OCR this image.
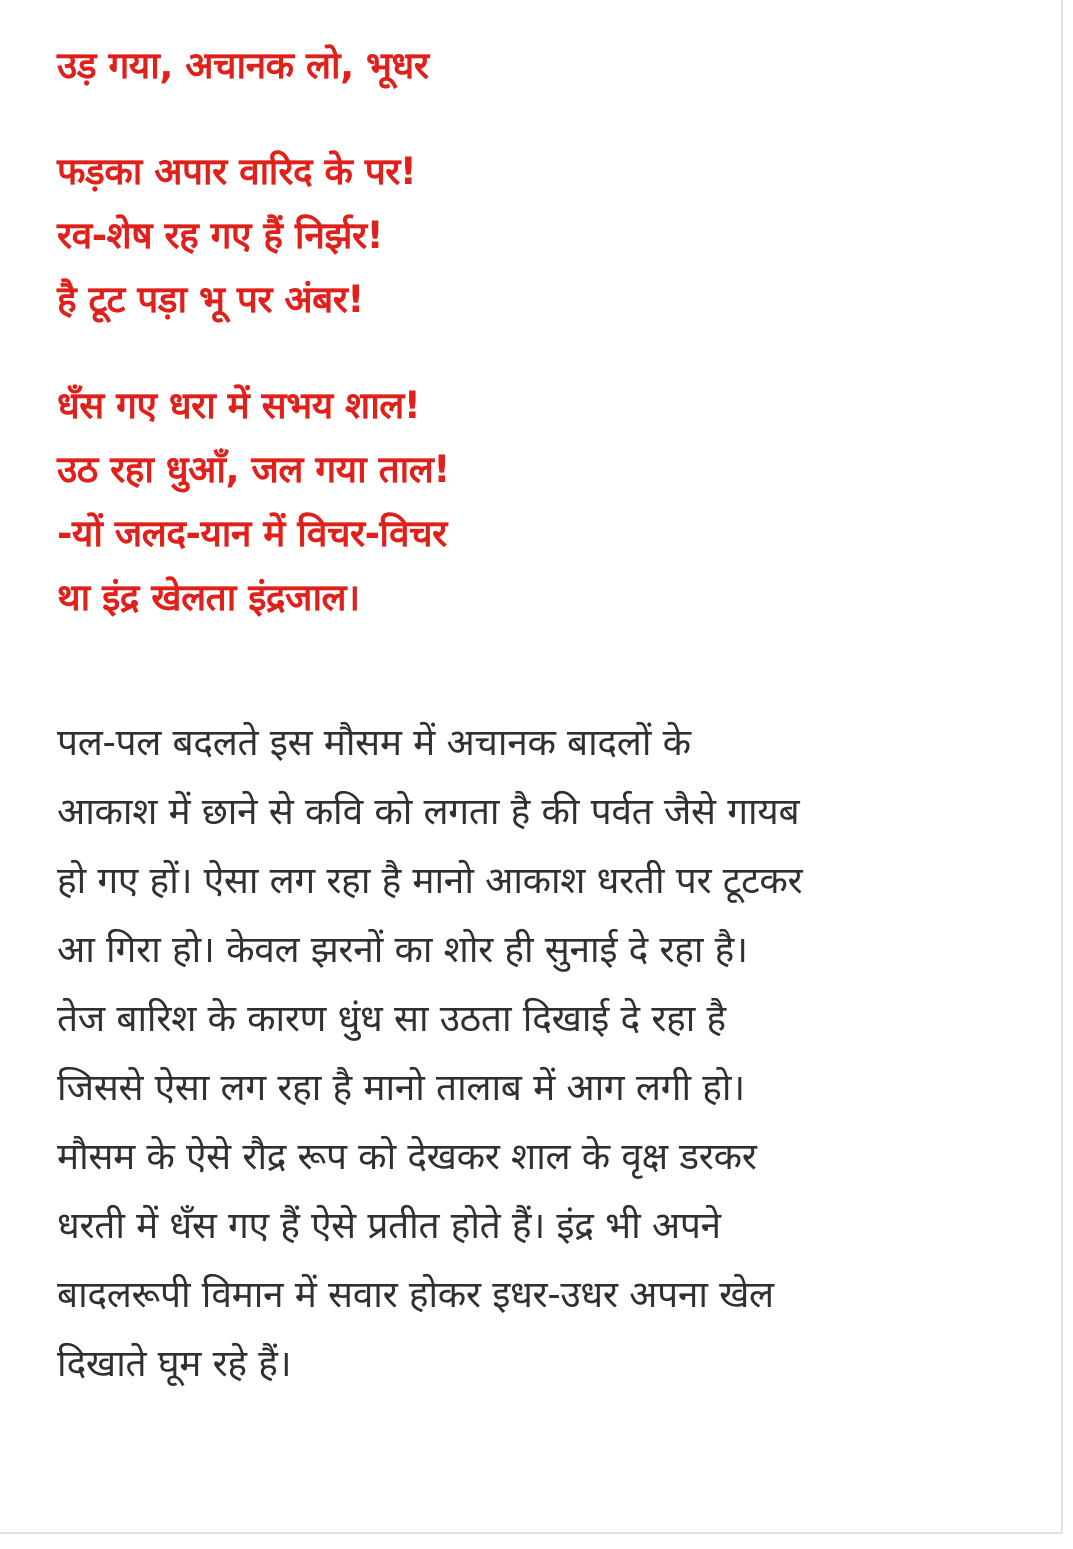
उड़ गया, अचानक लो, भूधर
फड़का अपार वारिद के पर!
रव-शेष रह गए हैं निर्झर!
है टूट पड़ा भू पर अंबर!
धँस गए धरा में सभय शाल!
उठ रहा धुआँ, जल गया ताल!
-यों जलद-यान में विचर-विचर
था इंद्र खेलता इंद्रजाल।
पल-पल बदलते इस मौसम में अचानक बादलों के
आकाश में छाने से कवि को लगता है की पर्वत जैसे गायब
हो गए हों। ऐसा लग रहा है मानो आकाश धरती पर टूटकर
आ गिरा हो। केवल झरनों का शोर ही सुनाई दे रहा है।
तेज बारिश के कारण धुंध सा उठता दिखाई दे रहा है
जिससे ऐसा लग रहा है मानो तालाब में आग लगी हो।
मौसम के ऐसे रौद्र रूप को देखकर शाल के वृक्ष डरकर
धरती में धँस गए हैं ऐसे प्रतीत होते हैं। इंद्र भी अपने
बादलरूपी विमान में सवार होकर इधर-उधर अपना खेल
दिखाते घूम रहे हैं।
